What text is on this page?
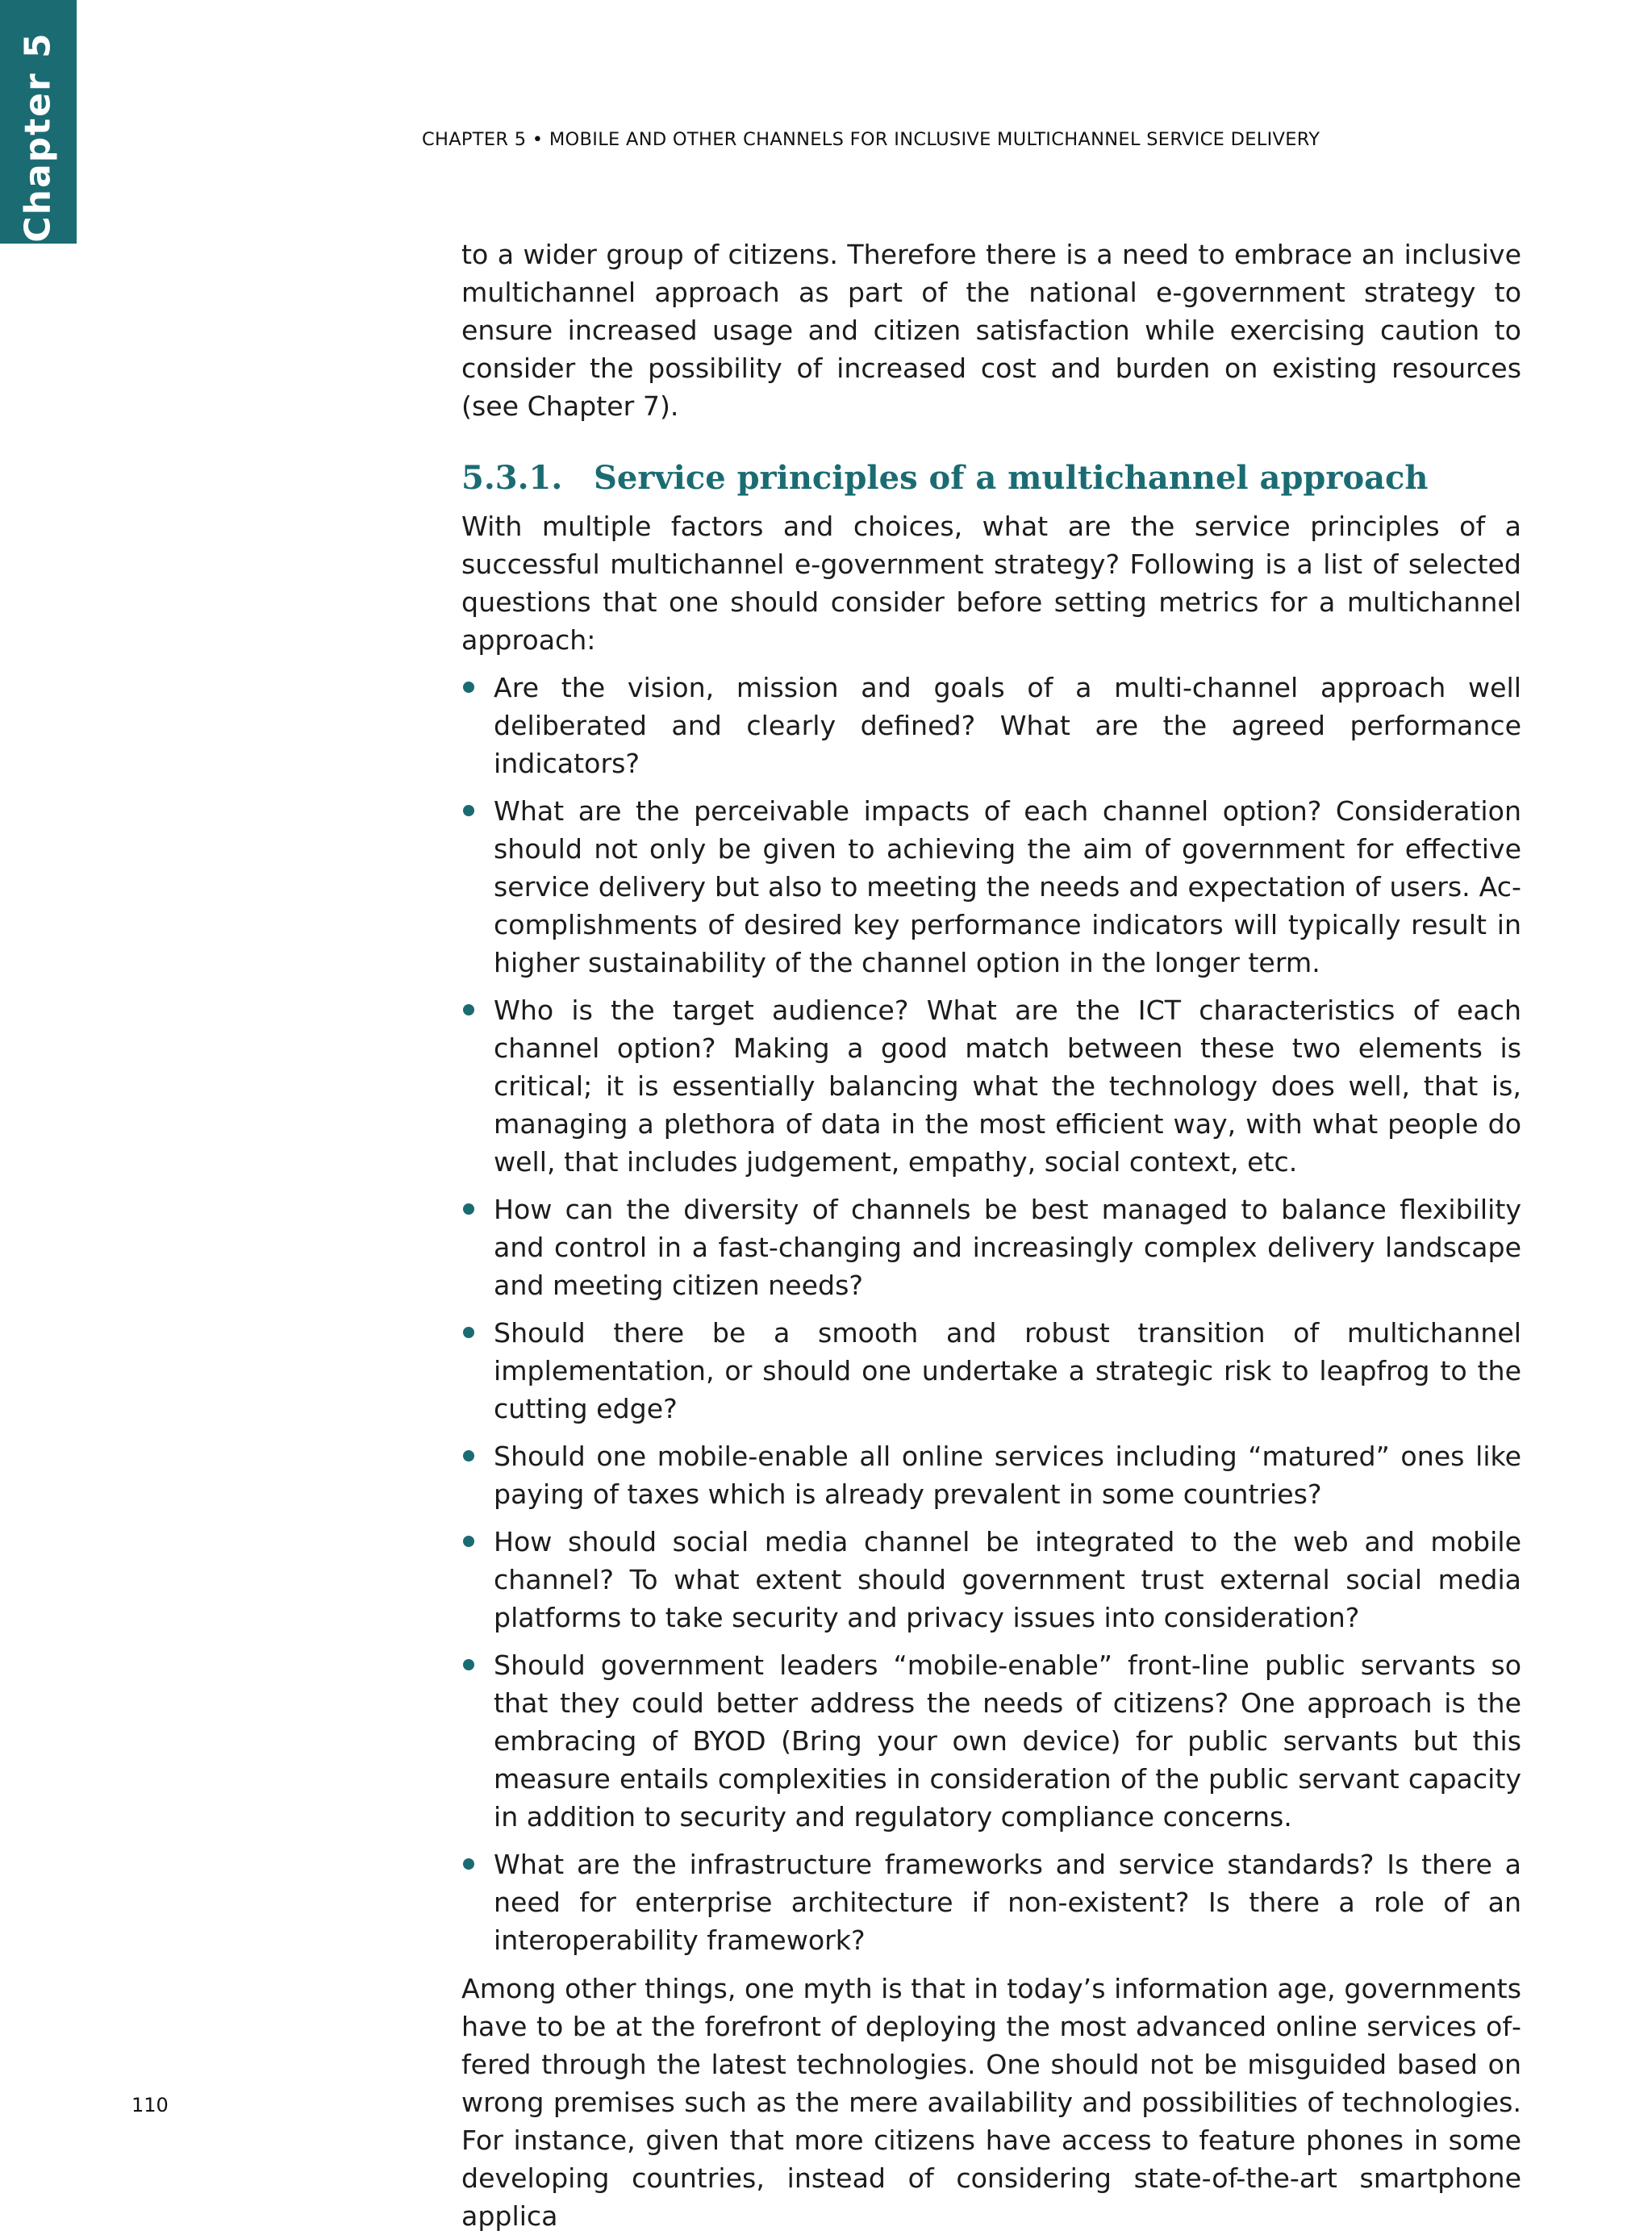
Chapter 5	CHAPTER 5 • MOBILE AND OTHER CHANNELS FOR INCLUSIVE MULTICHANNEL SERVICE DELIVERY

to a wider group of citizens. Therefore there is a need to embrace an inclusive multichannel approach as part of the national e-government strategy to ensure increased usage and citizen satisfaction while exercising caution to consider the possibility of increased cost and burden on existing resources (see Chapter 7).

5.3.1. Service principles of a multichannel approach

With multiple factors and choices, what are the service principles of a successful multichannel e-government strategy? Following is a list of selected questions that one should consider before setting metrics for a multichannel approach:

Are the vision, mission and goals of a multi-channel approach well deliberated and clearly defined? What are the agreed performance indicators?
What are the perceivable impacts of each channel option? Consideration should not only be given to achieving the aim of government for effective service delivery but also to meeting the needs and expectation of users. Accomplishments of desired key performance indicators will typically result in higher sustainability of the channel option in the longer term.
Who is the target audience? What are the ICT characteristics of each channel option? Making a good match between these two elements is critical; it is essentially balancing what the technology does well, that is, managing a plethora of data in the most efficient way, with what people do well, that includes judgement, empathy, social context, etc.
How can the diversity of channels be best managed to balance flexibility and control in a fast-changing and increasingly complex delivery landscape and meeting citizen needs?
Should there be a smooth and robust transition of multichannel implementation, or should one undertake a strategic risk to leapfrog to the cutting edge?
Should one mobile-enable all online services including “matured” ones like paying of taxes which is already prevalent in some countries?
How should social media channel be integrated to the web and mobile channel? To what extent should government trust external social media platforms to take security and privacy issues into consideration?
Should government leaders “mobile-enable” front-line public servants so that they could better address the needs of citizens? One approach is the embracing of BYOD (Bring your own device) for public servants but this measure entails complexities in consideration of the public servant capacity in addition to security and regulatory compliance concerns.
What are the infrastructure frameworks and service standards? Is there a need for enterprise architecture if non-existent? Is there a role of an interoperability framework?

Among other things, one myth is that in today’s information age, governments have to be at the forefront of deploying the most advanced online services offered through the latest technologies. One should not be misguided based on wrong premises such as the mere availability and possibilities of technologies. For instance, given that more citizens have access to feature phones in some developing countries, instead of considering state-of-the-art smartphone applica

110
